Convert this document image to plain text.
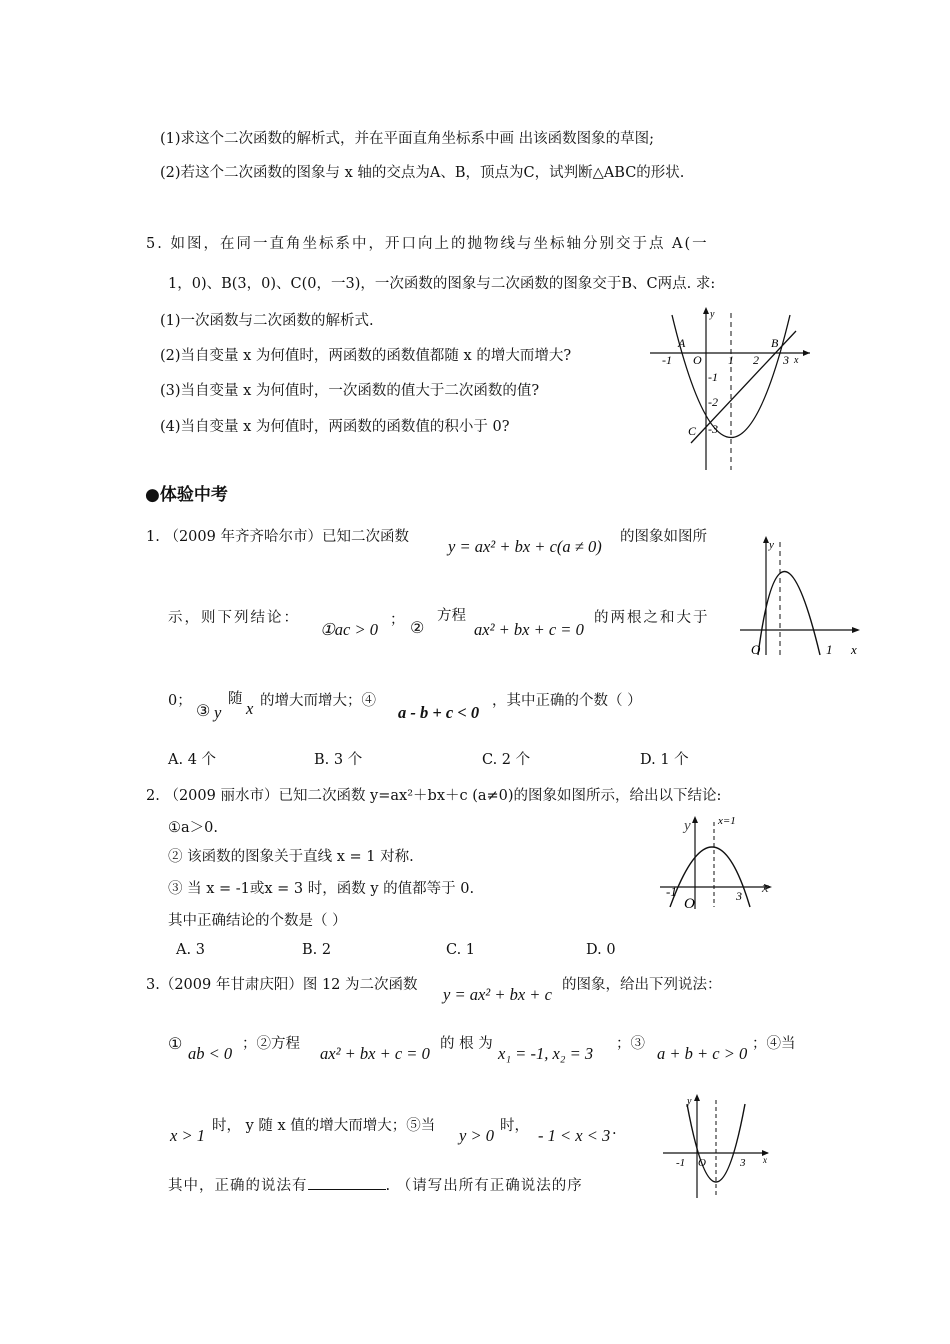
(1)求这个二次函数的解析式，并在平面直角坐标系中画 出该函数图象的草图;
(2)若这个二次函数的图象与 x 轴的交点为A、B，顶点为C，试判断△ABC的形状.
5. 如图，在同一直角坐标系中，开口向上的抛物线与坐标轴分别交于点 A(一
1，0)、B(3，0)、C(0，一3)，一次函数的图象与二次函数的图象交于B、C两点. 求:
(1)一次函数与二次函数的解析式.
(2)当自变量 x 为何值时，两函数的函数值都随 x 的增大而增大?
(3)当自变量 x 为何值时，一次函数的值大于二次函数的值?
(4)当自变量 x 为何值时，两函数的函数值的积小于 0?
A
O 1 2
B
3 x
y
-1
-1
-2
-3
C
●体验中考
1. （2009 年齐齐哈尔市）已知二次函数 y = ax² + bx + c(a ≠ 0) 的图象如图所
示，则下列结论：
①ac > 0 ； ②
方程
ax² + bx + c = 0
的两根之和大于
0； ③ y
随 x 的增大而增大；④
a - b + c < 0
，其中正确的个数（ ）
A. 4 个	B. 3 个	C. 2 个	D. 1 个
O	1 x
y
2. （2009 丽水市）已知二次函数 y=ax²＋bx＋c (a≠0)的图象如图所示，给出以下结论:
①a＞0.
② 该函数的图象关于直线 x = 1 对称.
③ 当 x = -1或x = 3 时，函数 y 的值都等于 0.
其中正确结论的个数是（ ）
A. 3	B. 2	C. 1	D. 0
y x=1
-1
O	3 x
3.（2009 年甘肃庆阳）图 12 为二次函数 y = ax² + bx + c 的图象，给出下列说法：
①
ab < 0 ；②方程 ax² + bx + c = 0 的 根 为 x₁ = -1, x₂ = 3 ；③ a + b + c > 0 ；④当
x > 1 时， y 随 x 值的增大而增大；⑤当 y > 0 时， - 1 < x < 3 .
其中，正确的说法有	. （请写出所有正确说法的序
y
-1 O	3 x
